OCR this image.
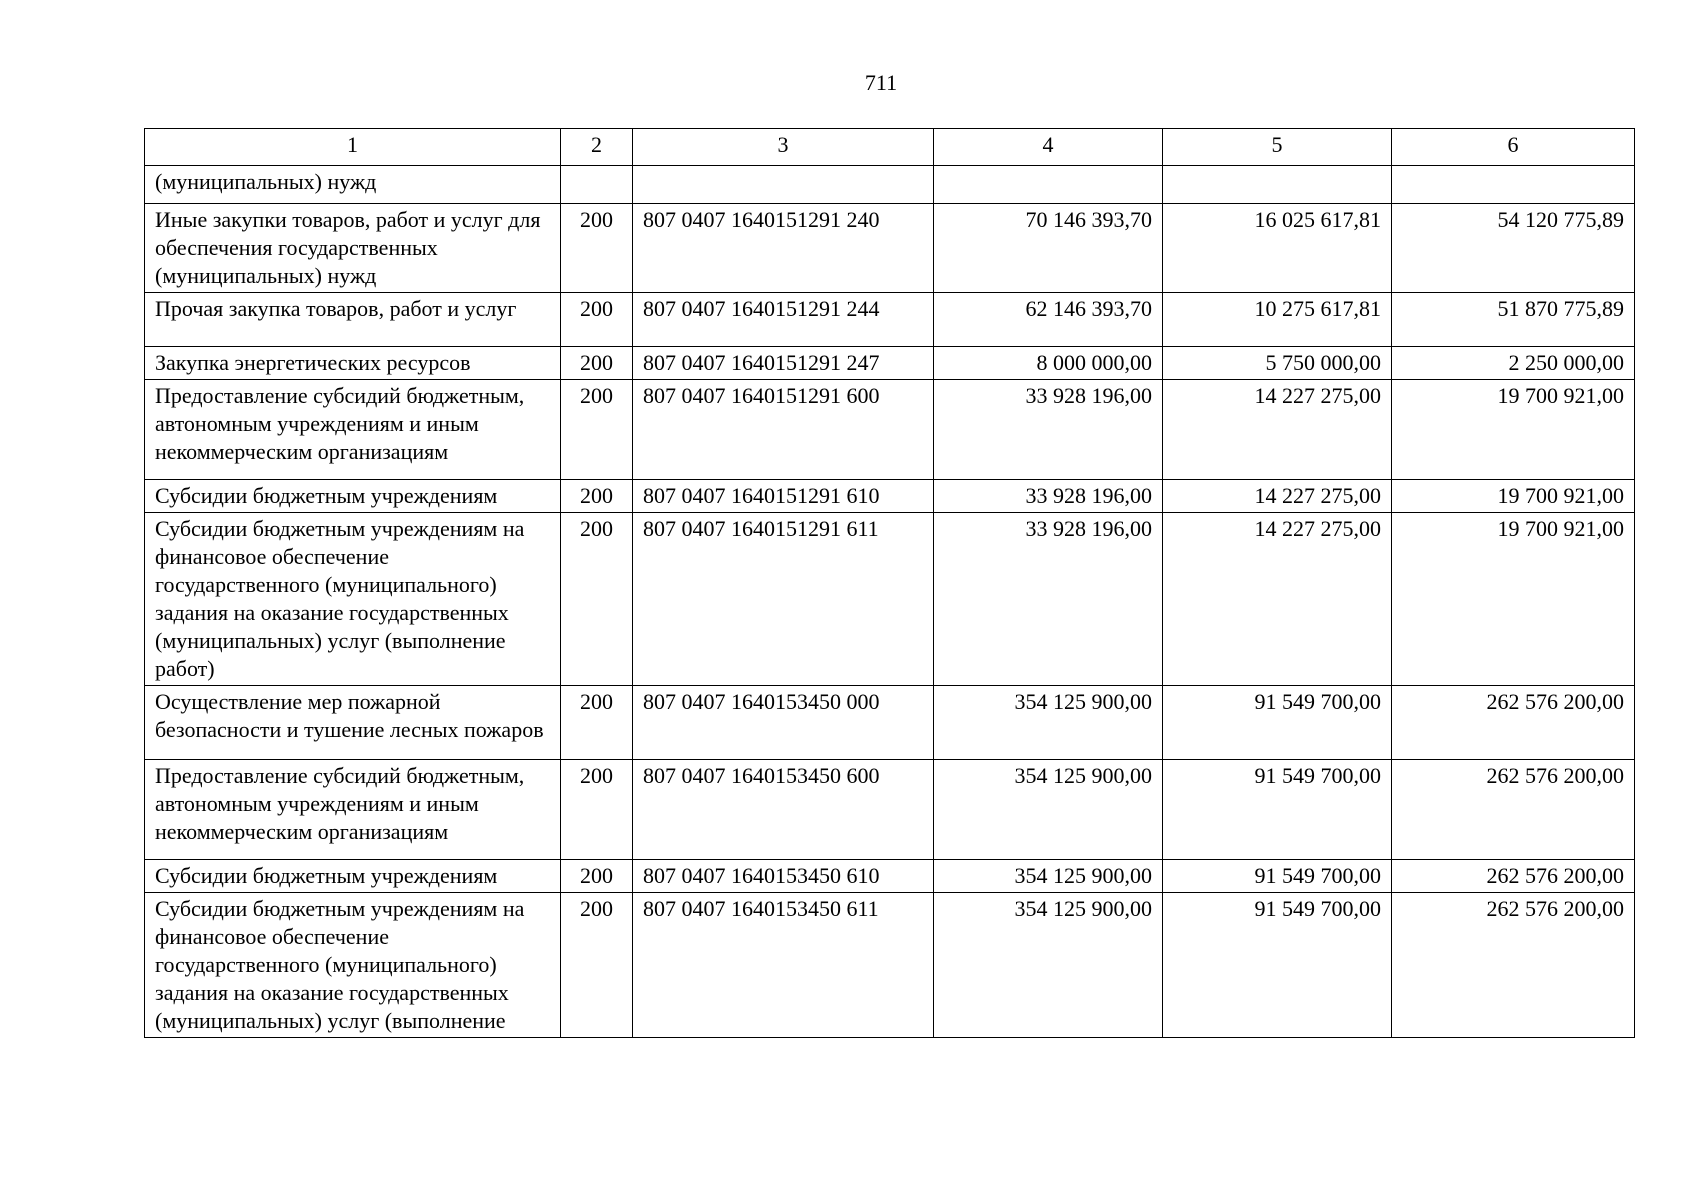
711
1	2	3	4	5	6
(муниципальных) нужд					
Иные закупки товаров, работ и услуг для обеспечения государственных (муниципальных) нужд	200	807 0407 1640151291 240	70 146 393,70	16 025 617,81	54 120 775,89
Прочая закупка товаров, работ и услуг	200	807 0407 1640151291 244	62 146 393,70	10 275 617,81	51 870 775,89
Закупка энергетических ресурсов	200	807 0407 1640151291 247	8 000 000,00	5 750 000,00	2 250 000,00
Предоставление субсидий бюджетным, автономным учреждениям и иным некоммерческим организациям	200	807 0407 1640151291 600	33 928 196,00	14 227 275,00	19 700 921,00
Субсидии бюджетным учреждениям	200	807 0407 1640151291 610	33 928 196,00	14 227 275,00	19 700 921,00
Субсидии бюджетным учреждениям на финансовое обеспечение государственного (муниципального) задания на оказание государственных (муниципальных) услуг (выполнение работ)	200	807 0407 1640151291 611	33 928 196,00	14 227 275,00	19 700 921,00
Осуществление мер пожарной безопасности и тушение лесных пожаров	200	807 0407 1640153450 000	354 125 900,00	91 549 700,00	262 576 200,00
Предоставление субсидий бюджетным, автономным учреждениям и иным некоммерческим организациям	200	807 0407 1640153450 600	354 125 900,00	91 549 700,00	262 576 200,00
Субсидии бюджетным учреждениям	200	807 0407 1640153450 610	354 125 900,00	91 549 700,00	262 576 200,00
Субсидии бюджетным учреждениям на финансовое обеспечение государственного (муниципального) задания на оказание государственных (муниципальных) услуг (выполнение	200	807 0407 1640153450 611	354 125 900,00	91 549 700,00	262 576 200,00
